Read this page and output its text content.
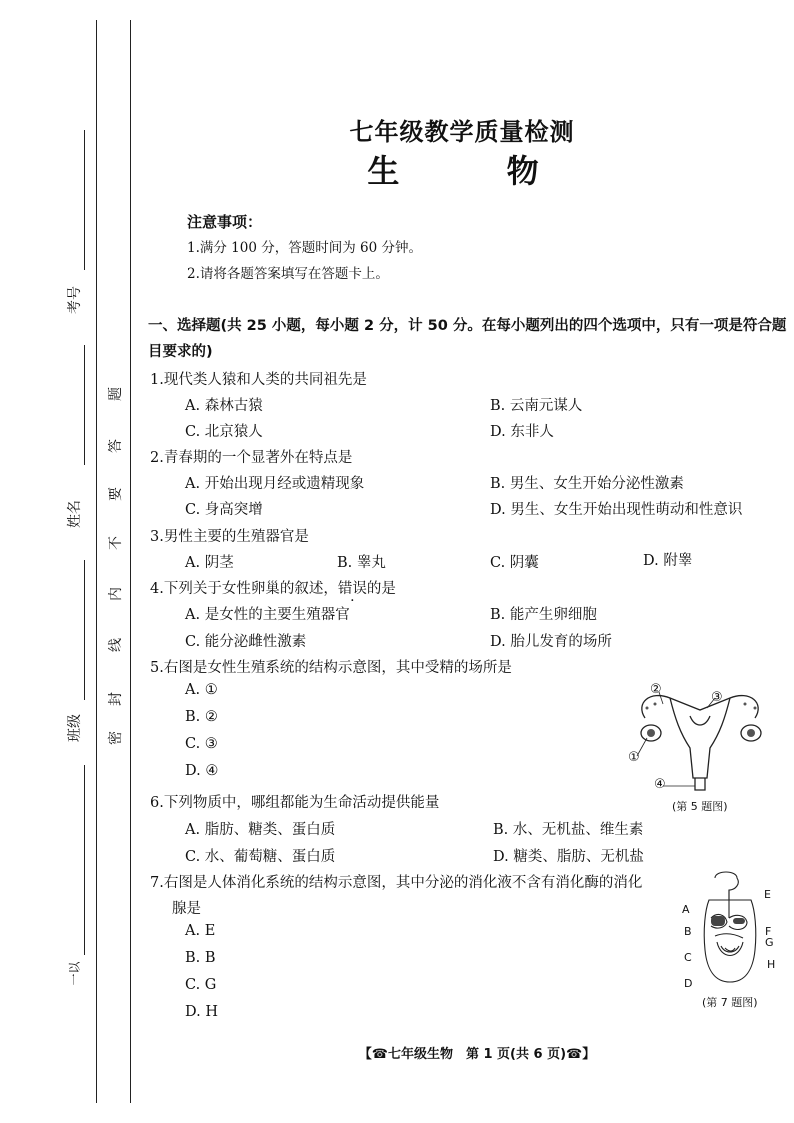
考号
姓名
班级
一以
密
封
线
内
不
要
答
题
七年级教学质量检测
生 物
注意事项：
1.满分 100 分，答题时间为 60 分钟。
2.请将各题答案填写在答题卡上。
一、选择题(共 25 小题，每小题 2 分，计 50 分。在每小题列出的四个选项中，只有一项是符合题
目要求的)
1.现代类人猿和人类的共同祖先是
A. 森林古猿	B. 云南元谋人
C. 北京猿人	D. 东非人
2.青春期的一个显著外在特点是
A. 开始出现月经或遗精现象	B. 男生、女生开始分泌性激素
C. 身高突增	D. 男生、女生开始出现性萌动和性意识
3.男性主要的生殖器官是
A. 阴茎	B. 睾丸	C. 阴囊	D. 附睾
4.下列关于女性卵巢的叙述，错误的是
A. 是女性的主要生殖器官	B. 能产生卵细胞
C. 能分泌雌性激素	D. 胎儿发育的场所
5.右图是女性生殖系统的结构示意图，其中受精的场所是
A. ①
B. ②
C. ③
D. ④
②
③
①
④
(第 5 题图)
6.下列物质中，哪组都能为生命活动提供能量
A. 脂肪、糖类、蛋白质	B. 水、无机盐、维生素
C. 水、葡萄糖、蛋白质	D. 糖类、脂肪、无机盐
7.右图是人体消化系统的结构示意图，其中分泌的消化液不含有消化酶的消化
腺是
A. E
B. B
C. G
D. H
E
A
B	F
G
C
H
D
(第 7 题图)
【☎七年级生物　第 1 页(共 6 页)☎】
